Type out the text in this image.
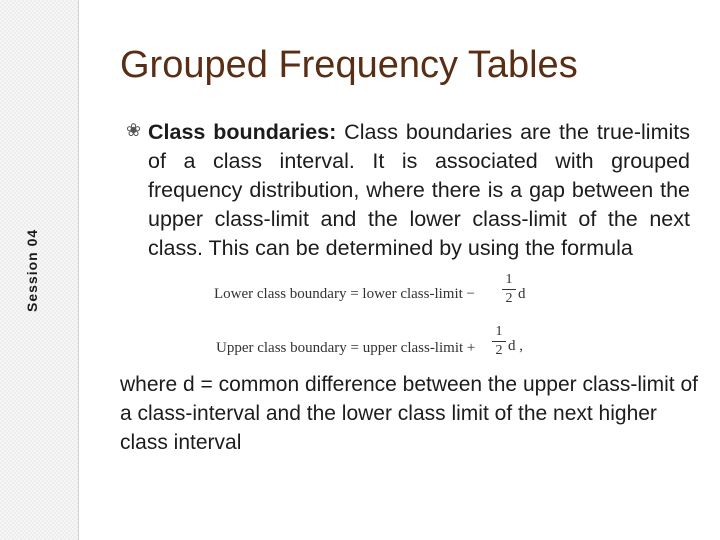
Session 04
Grouped Frequency Tables
❀ Class boundaries: Class boundaries are the true-limits of a class interval. It is associated with grouped frequency distribution, where there is a gap between the upper class-limit and the lower class-limit of the next class. This can be determined by using the formula
Lower class boundary = lower class-limit −
1
2 d
Upper class boundary = upper class-limit +
1
2 d ,
where d = common difference between the upper class-limit of a class-interval and the lower class limit of the next higher class interval
